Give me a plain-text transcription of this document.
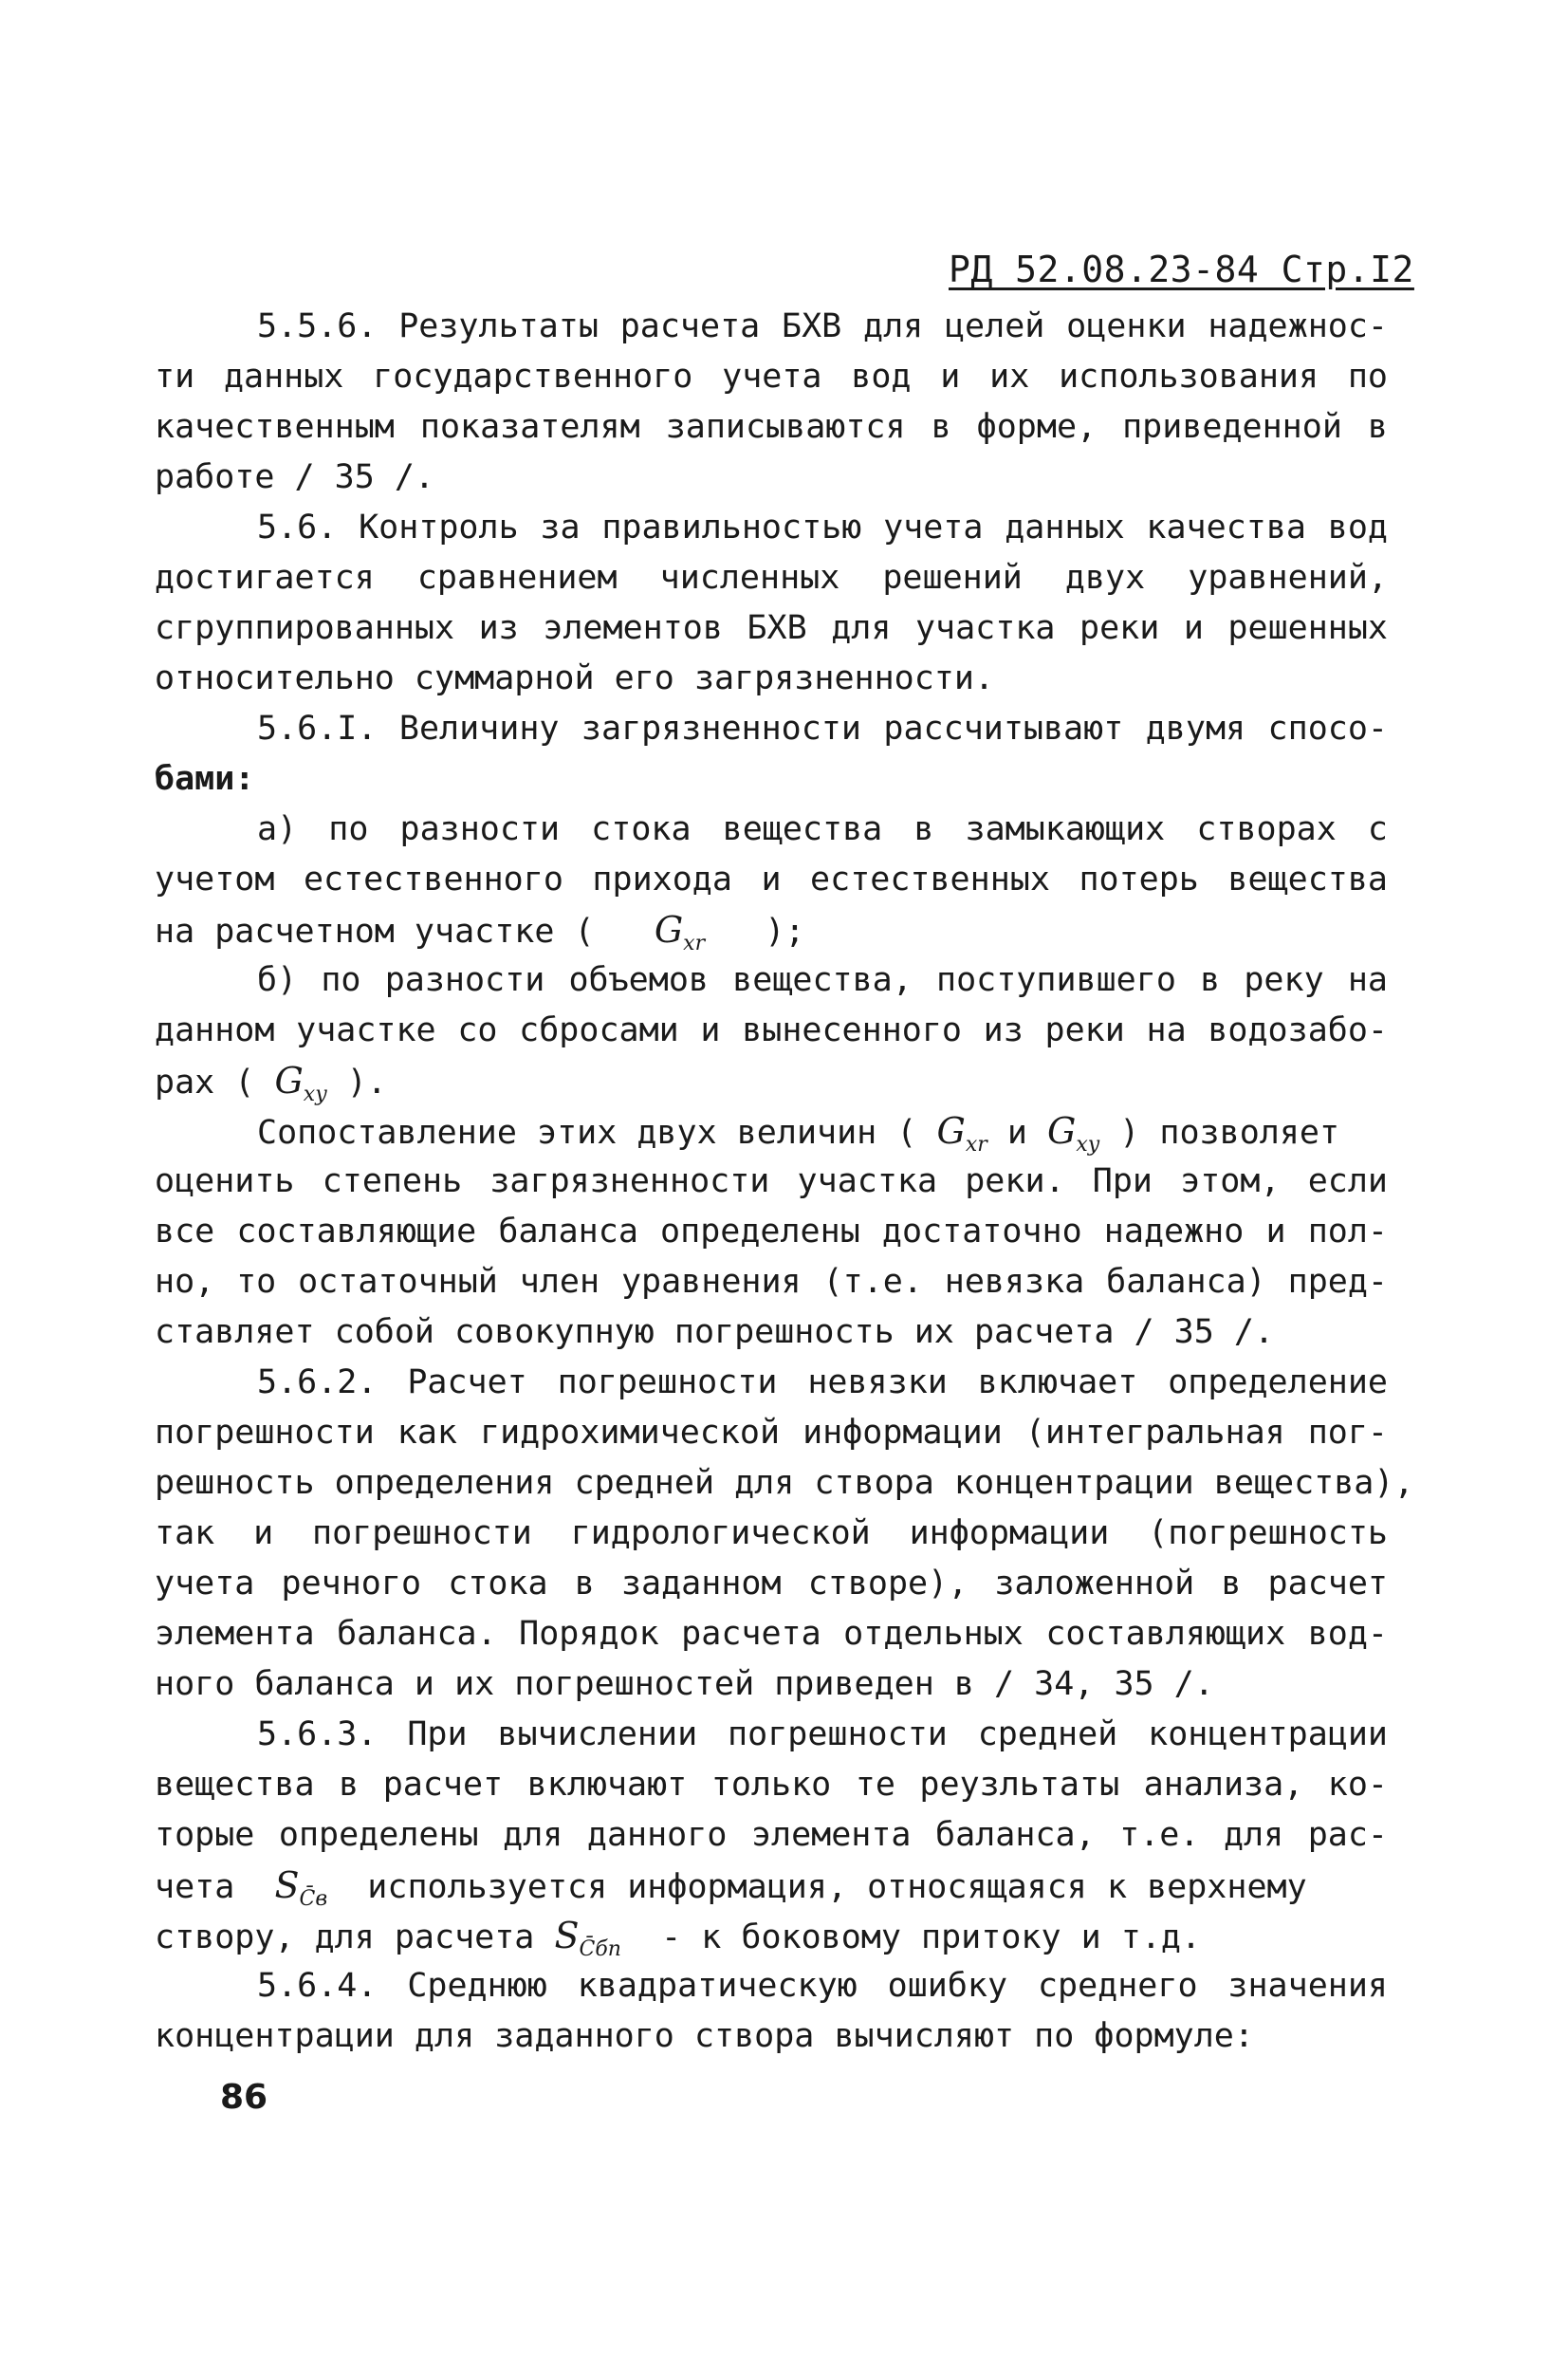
РД 52.08.23-84 Стр.I2
5.5.6. Результаты расчета БХВ для целей оценки надежнос-
ти данных государственного учета вод и их использования по
качественным показателям записываются в форме, приведенной в
работе / 35 /.
5.6. Контроль за правильностью учета данных качества вод
достигается сравнением численных решений двух уравнений,
сгруппированных из элементов БХВ для участка реки и решенных
относительно суммарной его загрязненности.
5.6.I. Величину загрязненности рассчитывают двумя спосо-
бами:
а) по разности стока вещества в замыкающих створах с
учетом естественного прихода и естественных потерь вещества
на расчетном участке ( $G_{xr}$ );
б) по разности объемов вещества, поступившего в реку на
данном участке со сбросами и вынесенного из реки на водозабо-
рах ( $G_{xy}$ ).
Сопоставление этих двух величин ( $G_{xr}$ и $G_{xy}$ ) позволяет
оценить степень загрязненности участка реки. При этом, если
все составляющие баланса определены достаточно надежно и пол-
но, то остаточный член уравнения (т.е. невязка баланса) пред-
ставляет собой совокупную погрешность их расчета / 35 /.
5.6.2. Расчет погрешности невязки включает определение
погрешности как гидрохимической информации (интегральная пог-
решность определения средней для створа концентрации вещества),
так и погрешности гидрологической информации (погрешность
учета речного стока в заданном створе), заложенной в расчет
элемента баланса. Порядок расчета отдельных составляющих вод-
ного баланса и их погрешностей приведен в / 34, 35 /.
5.6.3. При вычислении погрешности средней концентрации
вещества в расчет включают только те реузльтаты анализа, ко-
торые определены для данного элемента баланса, т.е. для рас-
чета $S_{C̄в}$ используется информация, относящаяся к верхнему
створу, для расчета $S_{C̄бп}$ - к боковому притоку и т.д.
5.6.4. Среднюю квадратическую ошибку среднего значения
концентрации для заданного створа вычисляют по формуле:
86
